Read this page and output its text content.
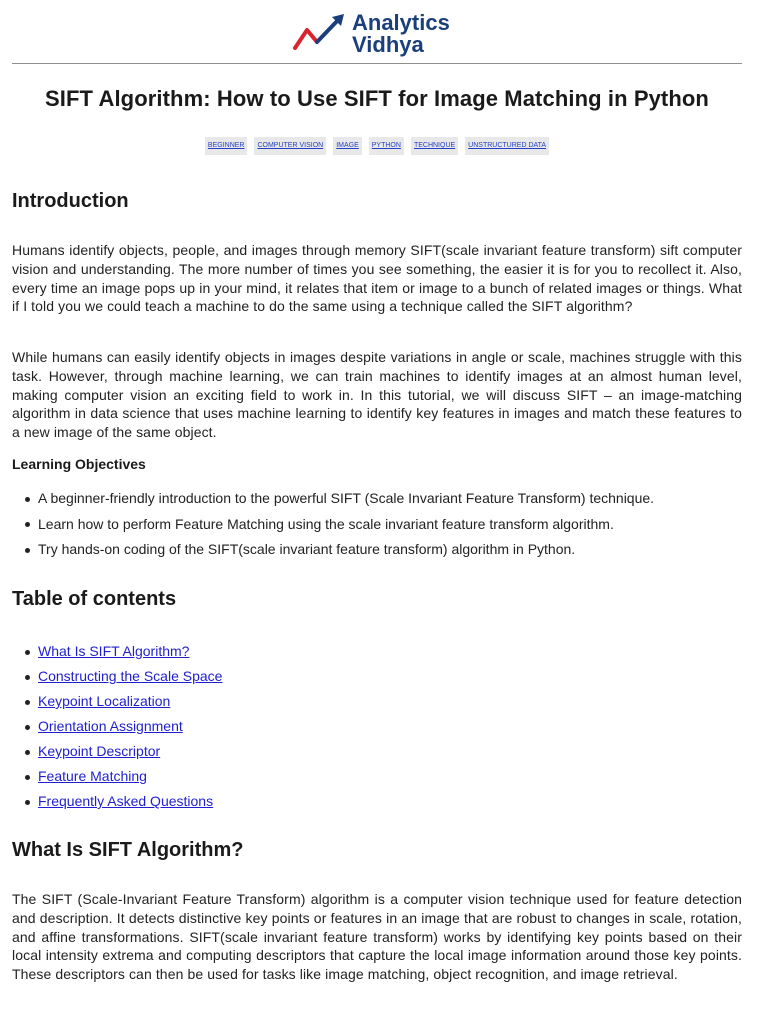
Analytics
Vidhya
SIFT Algorithm: How to Use SIFT for Image Matching in Python
BEGINNER	COMPUTER VISION	IMAGE	PYTHON	TECHNIQUE	UNSTRUCTURED DATA
Introduction

Humans identify objects, people, and images through memory SIFT(scale invariant feature transform) sift computer vision and understanding. The more number of times you see something, the easier it is for you to recollect it. Also, every time an image pops up in your mind, it relates that item or image to a bunch of related images or things. What if I told you we could teach a machine to do the same using a technique called the SIFT algorithm?

While humans can easily identify objects in images despite variations in angle or scale, machines struggle with this task. However, through machine learning, we can train machines to identify images at an almost human level, making computer vision an exciting field to work in. In this tutorial, we will discuss SIFT – an image-matching algorithm in data science that uses machine learning to identify key features in images and match these features to a new image of the same object.

Learning Objectives

A beginner-friendly introduction to the powerful SIFT (Scale Invariant Feature Transform) technique.
Learn how to perform Feature Matching using the scale invariant feature transform algorithm.
Try hands-on coding of the SIFT(scale invariant feature transform) algorithm in Python.
Table of contents
What Is SIFT Algorithm?
Constructing the Scale Space
Keypoint Localization
Orientation Assignment
Keypoint Descriptor
Feature Matching
Frequently Asked Questions
What Is SIFT Algorithm?

The SIFT (Scale-Invariant Feature Transform) algorithm is a computer vision technique used for feature detection and description. It detects distinctive key points or features in an image that are robust to changes in scale, rotation, and affine transformations. SIFT(scale invariant feature transform) works by identifying key points based on their local intensity extrema and computing descriptors that capture the local image information around those key points. These descriptors can then be used for tasks like image matching, object recognition, and image retrieval.
